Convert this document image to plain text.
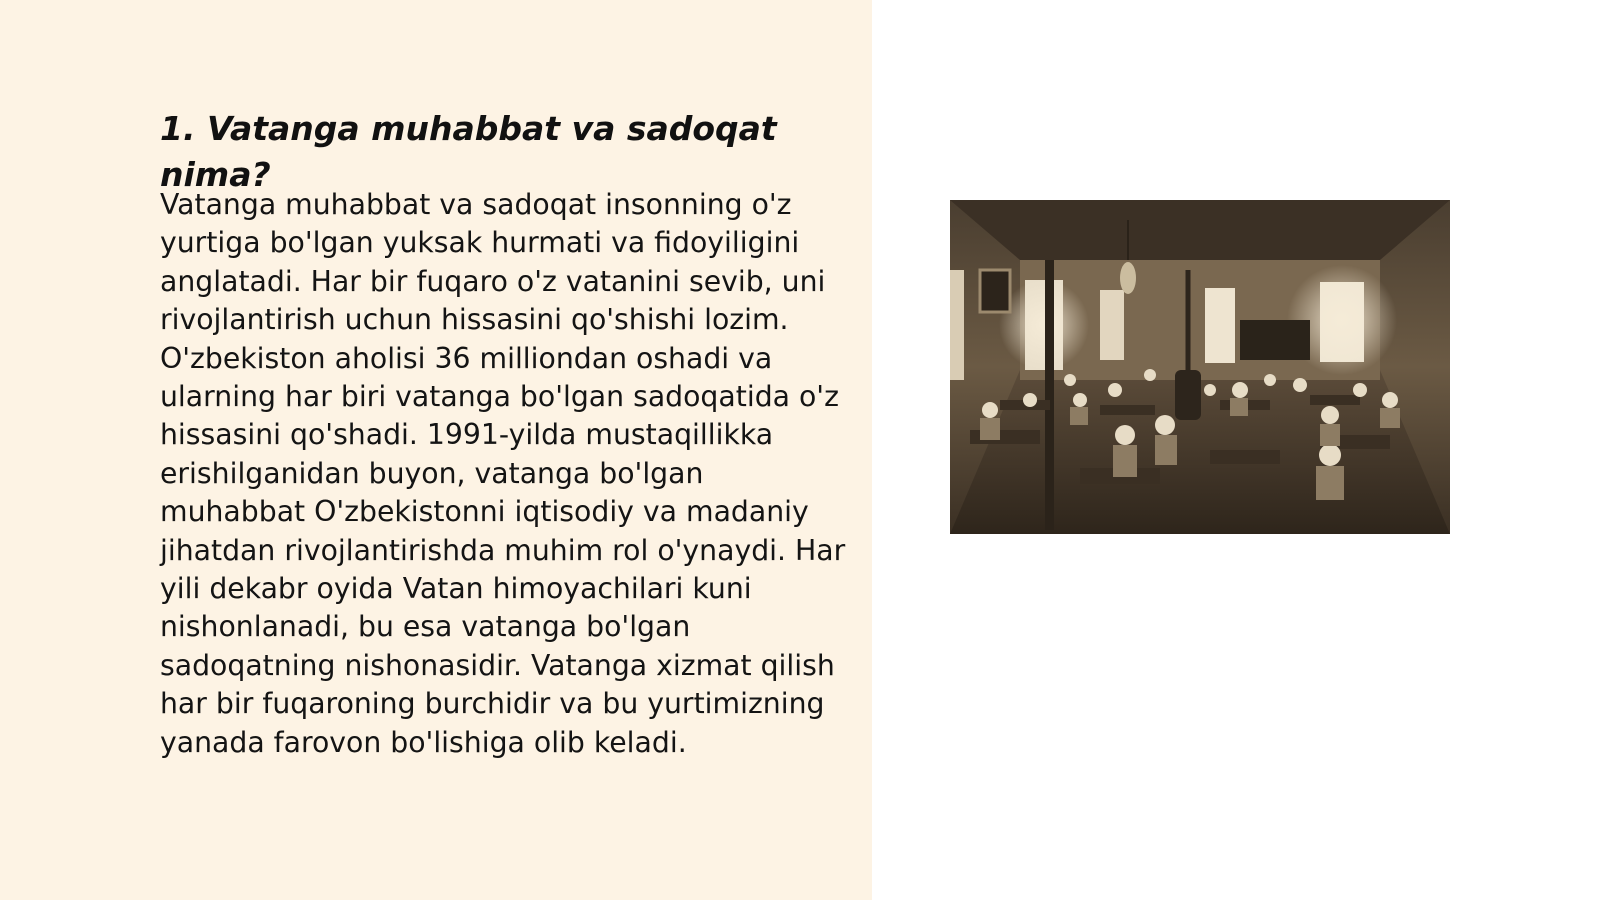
1. Vatanga muhabbat va sadoqat nima?

Vatanga muhabbat va sadoqat insonning o'z yurtiga bo'lgan yuksak hurmati va fidoyiligini anglatadi. Har bir fuqaro o'z vatanini sevib, uni rivojlantirish uchun hissasini qo'shishi lozim. O'zbekiston aholisi 36 milliondan oshadi va ularning har biri vatanga bo'lgan sadoqatida o'z hissasini qo'shadi. 1991-yilda mustaqillikka erishilganidan buyon, vatanga bo'lgan muhabbat O'zbekistonni iqtisodiy va madaniy jihatdan rivojlantirishda muhim rol o'ynaydi. Har yili dekabr oyida Vatan himoyachilari kuni nishonlanadi, bu esa vatanga bo'lgan sadoqatning nishonasidir. Vatanga xizmat qilish har bir fuqaroning burchidir va bu yurtimizning yanada farovon bo'lishiga olib keladi.
